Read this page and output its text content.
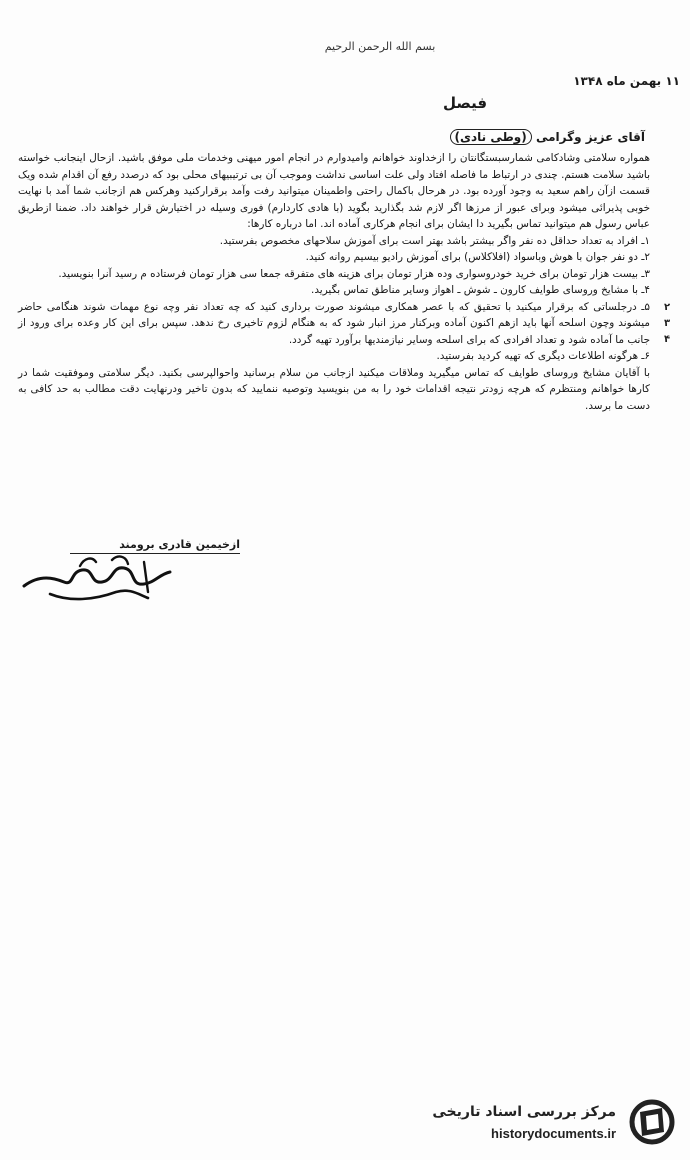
بسم الله الرحمن الرحیم
۱۱ بهمن ماه ۱۳۴۸
فیصل
آقای عزیز وگرامی (وطی نادی)

همواره سلامتی وشادکامی شمارسبستگانتان را ازخداوند خواهانم وامیدوارم در انجام امور میهنی وخدمات ملی موفق باشید. ازحال اینجانب خواسته باشید سلامت هستم. چندی در ارتباط ما فاصله افتاد ولی علت اساسی نداشت وموجب آن بی ترتیبیهای محلی بود که درصدد رفع آن اقدام شده ویک قسمت ازآن راهم سعید به وجود آورده بود. در هرحال باکمال راحتی واطمینان میتوانید رفت وآمد برقرارکنید وهرکس هم ازجانب شما آمد با نهایت خوبی پذیرائی میشود وبرای عبور از مرزها اگر لازم شد بگذارید بگوید (با هادی کاردارم) فوری وسیله در اختیارش قرار خواهند داد. ضمنا ازطریق عباس رسول هم میتوانید تماس بگیرید دا ایشان برای انجام هرکاری آماده اند. اما درباره کارها:

۱ـ افراد به تعداد حداقل ده نفر واگر بیشتر باشد بهتر است برای آموزش سلاحهای مخصوص بفرستید.
۲ـ دو نفر جوان با هوش وباسواد (افلاکلاس) برای آموزش رادیو بیسیم روانه کنید.
۳ـ بیست هزار تومان برای خرید خودروسواری وده هزار تومان برای هزینه های متفرقه جمعا سی هزار تومان فرستاده م رسید آنرا بنویسید.
۴ـ با مشایخ وروسای طوایف کارون ـ شوش ـ اهواز وسایر مناطق تماس بگیرید.
۵ـ درجلساتی که برقرار میکنید با تحقیق که با عصر همکاری میشوند صورت برداری کنید که چه تعداد نفر وچه نوع مهمات شوند هنگامی حاضر میشوند وچون اسلحه آنها باید ازهم اکنون آماده وبرکنار مرز انبار شود که به هنگام لزوم تاخیری رخ ندهد. سپس برای این کار وعده برای ورود از جانب ما آماده شود و تعداد افرادی که برای اسلحه وسایر نیازمندیها برآورد تهیه گردد.
۶ـ هرگونه اطلاعات دیگری که تهیه کردید بفرستید.

با آقایان مشایخ وروسای طوایف که تماس میگیرید وملاقات میکنید ازجانب من سلام برسانید واحوالپرسی بکنید. دیگر سلامتی وموفقیت شما در کارها خواهانم ومنتظرم که هرچه زودتر نتیجه اقدامات خود را به من بنویسید وتوصیه ننمایید که بدون تاخیر ودرنهایت دقت مطالب به حد کافی به دست ما برسد.

ازخیمین قادری برومند
۲
۳
۴
مرکز بررسی اسناد تاریخی
historydocuments.ir
